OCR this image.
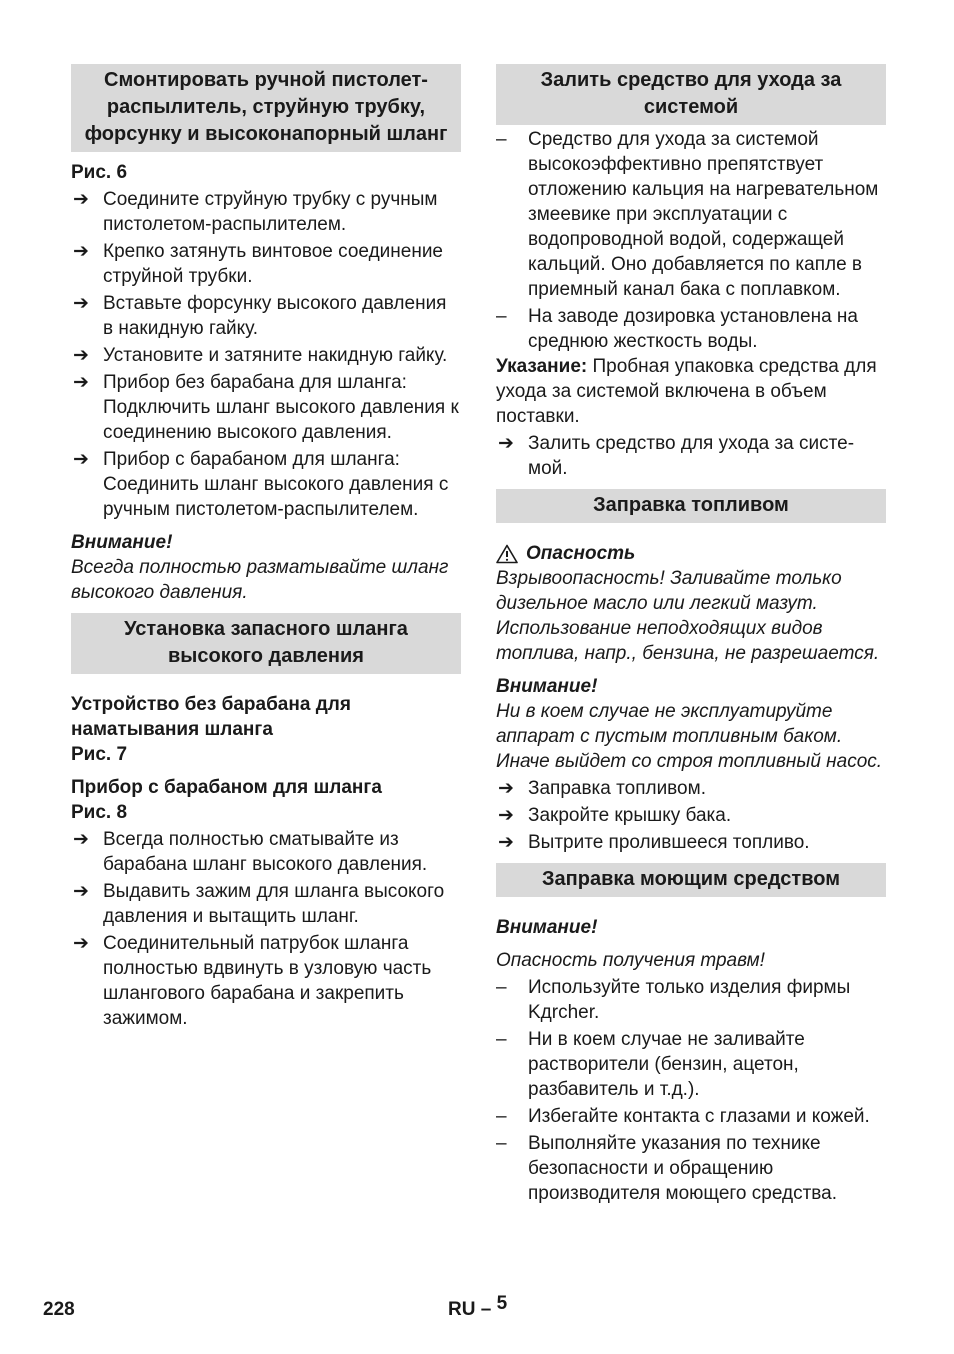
Смонтировать ручной пистолет-распылитель, струйную трубку, форсунку и высоконапорный шланг
Рис. 6
➔ Соедините струйную трубку с ручным пистолетом-распылителем.
➔ Крепко затянуть винтовое соединение струйной трубки.
➔ Вставьте форсунку высокого давления в накидную гайку.
➔ Установите и затяните накидную гайку.
➔ Прибор без барабана для шланга:
Подключить шланг высокого давления к соединению высокого давления.
➔ Прибор с барабаном для шланга:
Соединить шланг высокого давления с ручным пистолетом-распылителем.
Внимание!
Всегда полностью разматывайте шланг высокого давления.
Установка запасного шланга высокого давления
Устройство без барабана для наматывания шланга
Рис. 7
Прибор с барабаном для шланга
Рис. 8
➔ Всегда полностью сматывайте из барабана шланг высокого давления.
➔ Выдавить зажим для шланга высокого давления и вытащить шланг.
➔ Соединительный патрубок шланга полностью вдвинуть в узловую часть шлангового барабана и закрепить зажимом.
Залить средство для ухода за системой
–	Средство для ухода за системой высокоэффективно препятствует отложению кальция на нагревательном змеевике при эксплуатации с водопроводной водой, содержащей кальций. Оно добавляется по капле в приемный канал бака с поплавком.
–	На заводе дозировка установлена на среднюю жесткость воды.
Указание: Пробная упаковка средства для ухода за системой включена в объем поставки.
➔ Залить средство для ухода за системой.
Заправка топливом
Опасность
Взрывоопасность! Заливайте только дизельное масло или легкий мазут. Использование неподходящих видов топлива, напр., бензина, не разрешается.
Внимание!
Ни в коем случае не эксплуатируйте аппарат с пустым топливным баком. Иначе выйдет со строя топливный насос.
➔ Заправка топливом.
➔ Закройте крышку бака.
➔ Вытрите пролившееся топливо.
Заправка моющим средством
Внимание!
Опасность получения травм!
–	Используйте только изделия фирмы Kдrcher.
–	Ни в коем случае не заливайте растворители (бензин, ацетон, разбавитель и т.д.).
–	Избегайте контакта с глазами и кожей.
–	Выполняйте указания по технике безопасности и обращению производителя моющего средства.
228	RU – 5
